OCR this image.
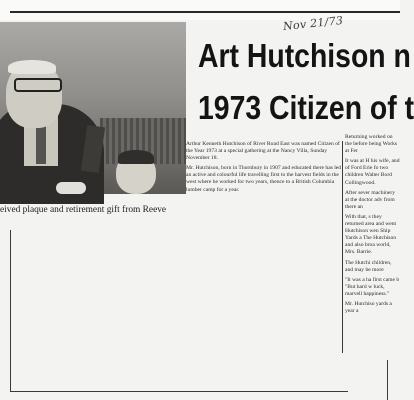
Nov 21/73
eived plaque and retirement gift from Reeve
Art Hutchison n
1973 Citizen of t

Arthur Kenneth Hutchison of River Road East was named Citizen of the Year 1973 at a special gathering at the Nancy Villa, Sunday November 18.

Mr. Hutchison, born in Thornbury in 1907 and educated there has led an active and colourful life travelling first to the harvest fields in the west where he worked for two years, thence to a British Columbia lumber camp for a year.

Returning worked on the before being Works at Fer

It was at H his wife, and of Ford Erie fo two children Walter Bord Collingwood.

After sever machinery at the doctor adv from there an

With that, s they returned area and went Hutchison wen Ship Yards a The Hutchison and also broa world, Mrs. Barrie.

The Hutchi children, and may be more

"It was a ha first came b "But hard w luck, marvell happiness."

Mr. Hutchiso yards a year a
